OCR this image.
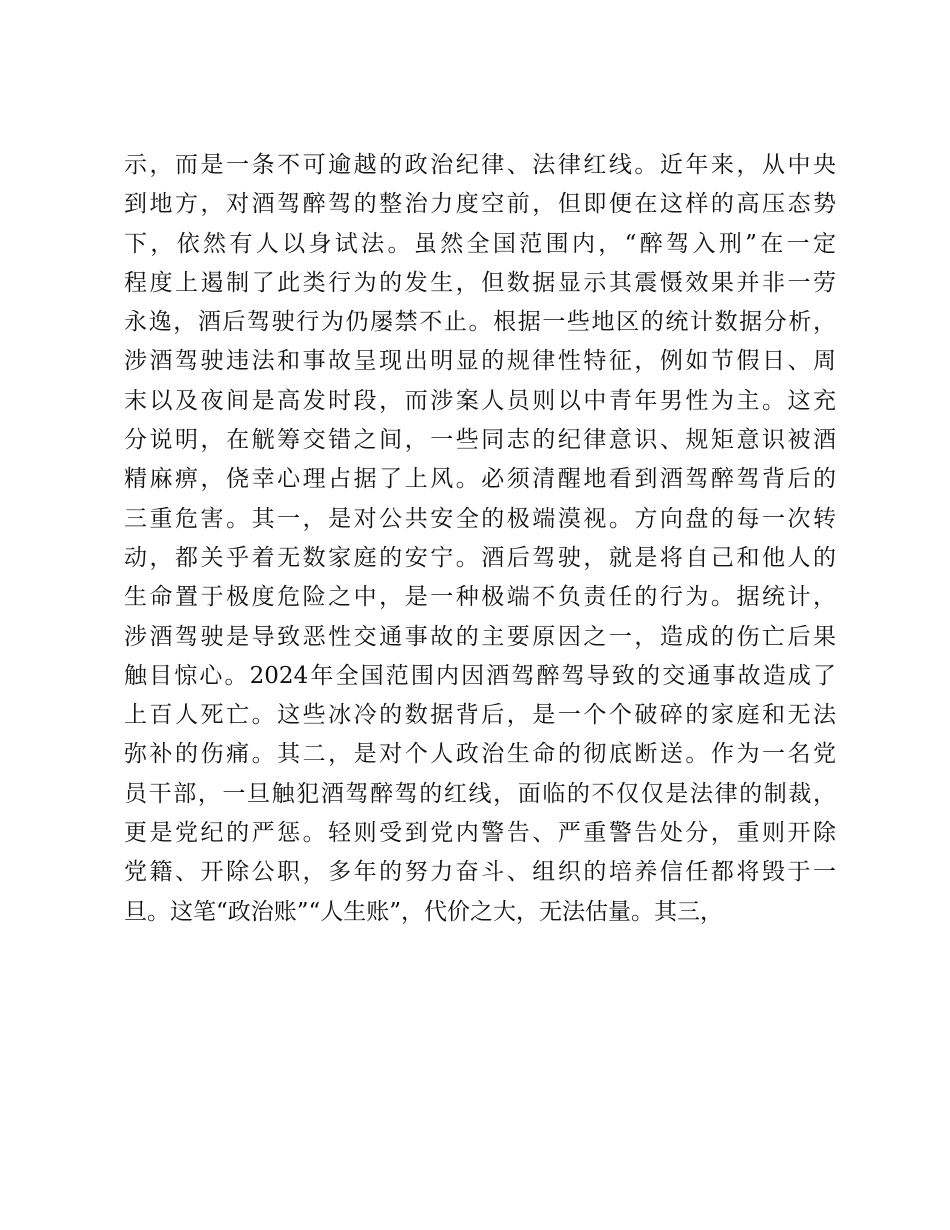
示，而是一条不可逾越的政治纪律、法律红线。近年来，从中央
到地方，对酒驾醉驾的整治力度空前，但即便在这样的高压态势
下，依然有人以身试法。虽然全国范围内，“醉驾入刑”在一定
程度上遏制了此类行为的发生，但数据显示其震慑效果并非一劳
永逸，酒后驾驶行为仍屡禁不止。根据一些地区的统计数据分析，
涉酒驾驶违法和事故呈现出明显的规律性特征，例如节假日、周
末以及夜间是高发时段，而涉案人员则以中青年男性为主。这充
分说明，在觥筹交错之间，一些同志的纪律意识、规矩意识被酒
精麻痹，侥幸心理占据了上风。必须清醒地看到酒驾醉驾背后的
三重危害。其一，是对公共安全的极端漠视。方向盘的每一次转
动，都关乎着无数家庭的安宁。酒后驾驶，就是将自己和他人的
生命置于极度危险之中，是一种极端不负责任的行为。据统计，
涉酒驾驶是导致恶性交通事故的主要原因之一，造成的伤亡后果
触目惊心。2024年全国范围内因酒驾醉驾导致的交通事故造成了
上百人死亡。这些冰冷的数据背后，是一个个破碎的家庭和无法
弥补的伤痛。其二，是对个人政治生命的彻底断送。作为一名党
员干部，一旦触犯酒驾醉驾的红线，面临的不仅仅是法律的制裁，
更是党纪的严惩。轻则受到党内警告、严重警告处分，重则开除
党籍、开除公职，多年的努力奋斗、组织的培养信任都将毁于一
旦。这笔“政治账”“人生账”，代价之大，无法估量。其三，
